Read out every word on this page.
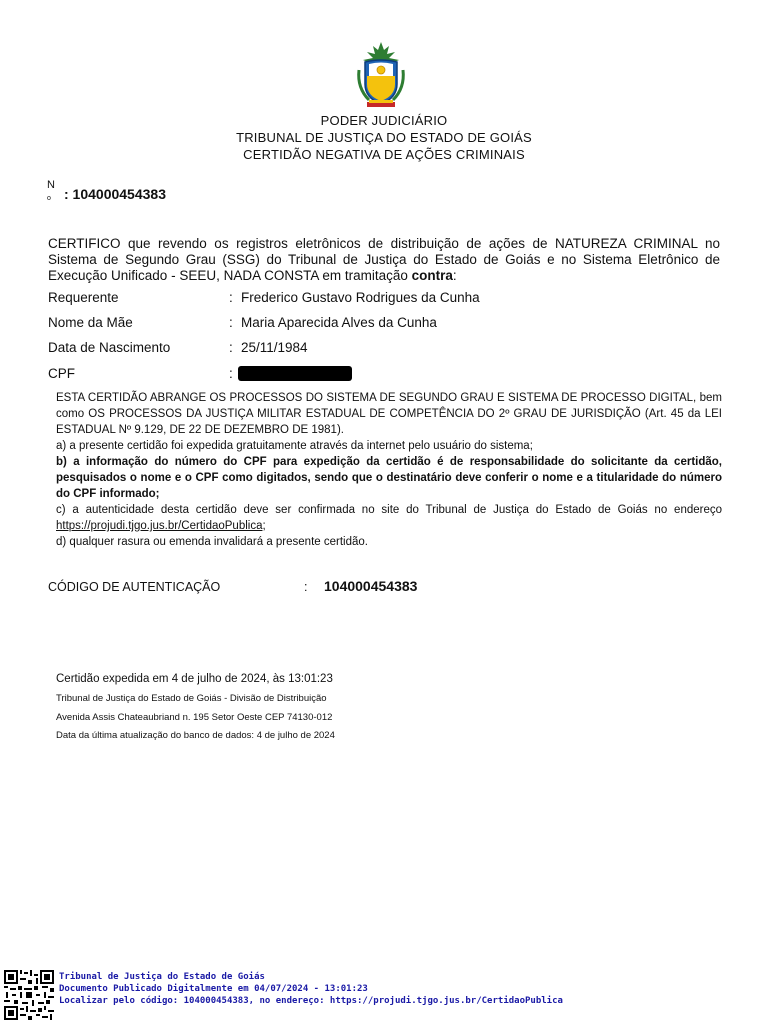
PODER JUDICIÁRIO
TRIBUNAL DE JUSTIÇA DO ESTADO DE GOIÁS
CERTIDÃO NEGATIVA DE AÇÕES CRIMINAIS
N
o : 104000454383
CERTIFICO que revendo os registros eletrônicos de distribuição de ações de NATUREZA CRIMINAL no Sistema de Segundo Grau (SSG) do Tribunal de Justiça do Estado de Goiás e no Sistema Eletrônico de Execução Unificado - SEEU, NADA CONSTA em tramitação contra:
Requerente	: Frederico Gustavo Rodrigues da Cunha
Nome da Mãe	: Maria Aparecida Alves da Cunha
Data de Nascimento	: 25/11/1984
CPF	:

ESTA CERTIDÃO ABRANGE OS PROCESSOS DO SISTEMA DE SEGUNDO GRAU E SISTEMA DE PROCESSO DIGITAL, bem como OS PROCESSOS DA JUSTIÇA MILITAR ESTADUAL DE COMPETÊNCIA DO 2º GRAU DE JURISDIÇÃO (Art. 45 da LEI ESTADUAL Nº 9.129, DE 22 DE DEZEMBRO DE 1981).

a) a presente certidão foi expedida gratuitamente através da internet pelo usuário do sistema;

b) a informação do número do CPF para expedição da certidão é de responsabilidade do solicitante da certidão, pesquisados o nome e o CPF como digitados, sendo que o destinatário deve conferir o nome e a titularidade do número do CPF informado;

c) a autenticidade desta certidão deve ser confirmada no site do Tribunal de Justiça do Estado de Goiás no endereço https://projudi.tjgo.jus.br/CertidaoPublica;

d) qualquer rasura ou emenda invalidará a presente certidão.

CÓDIGO DE AUTENTICAÇÃO	: 104000454383
Certidão expedida em 4 de julho de 2024, às 13:01:23
Tribunal de Justiça do Estado de Goiás - Divisão de Distribuição
Avenida Assis Chateaubriand n. 195 Setor Oeste CEP 74130-012
Data da última atualização do banco de dados: 4 de julho de 2024
Tribunal de Justiça do Estado de Goiás
Documento Publicado Digitalmente em 04/07/2024 - 13:01:23
Localizar pelo código: 104000454383, no endereço: https://projudi.tjgo.jus.br/CertidaoPublica
